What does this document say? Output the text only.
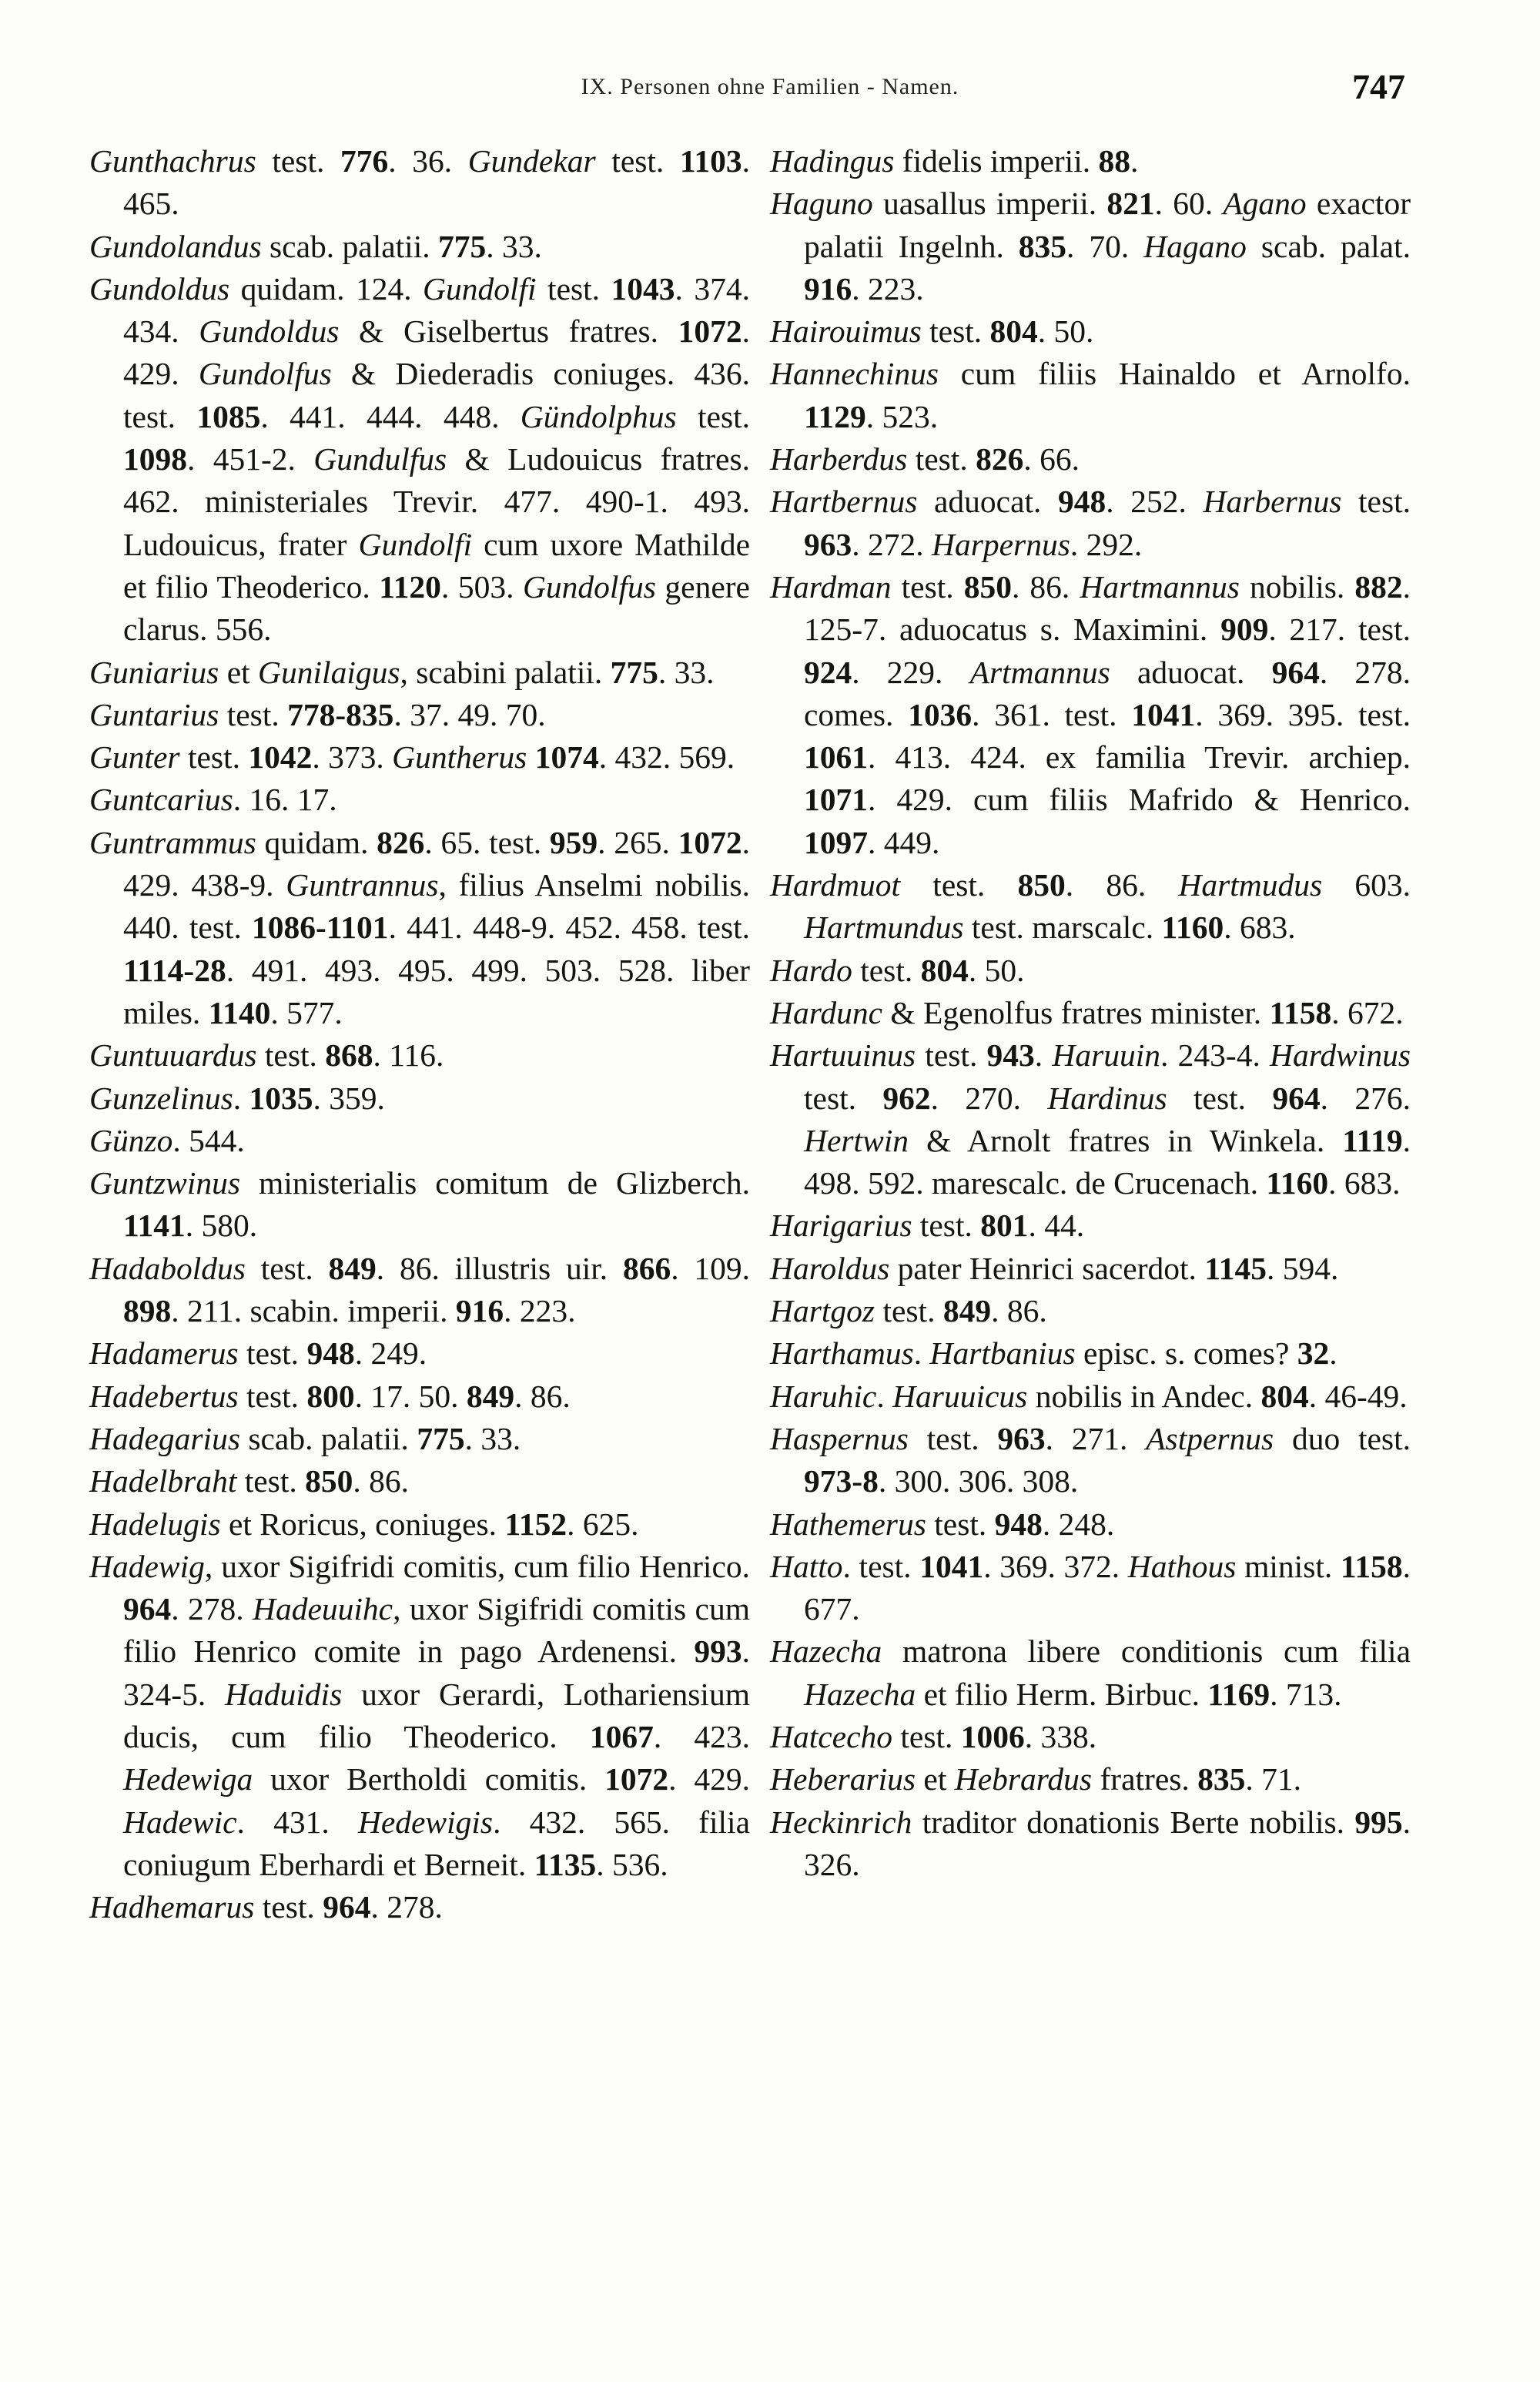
IX. Personen ohne Familien - Namen.	747

Gunthachrus test. 776. 36. Gundekar test. 1103. 465.

Gundolandus scab. palatii. 775. 33.

Gundoldus quidam. 124. Gundolfi test. 1043. 374. 434. Gundoldus & Giselbertus fratres. 1072. 429. Gundolfus & Diederadis coniuges. 436. test. 1085. 441. 444. 448. Gündolphus test. 1098. 451-2. Gundulfus & Ludouicus fratres. 462. ministeriales Trevir. 477. 490-1. 493. Ludouicus, frater Gundolfi cum uxore Mathilde et filio Theoderico. 1120. 503. Gundolfus genere clarus. 556.

Guniarius et Gunilaigus, scabini palatii. 775. 33.

Guntarius test. 778-835. 37. 49. 70.

Gunter test. 1042. 373. Guntherus 1074. 432. 569.

Guntcarius. 16. 17.

Guntrammus quidam. 826. 65. test. 959. 265. 1072. 429. 438-9. Guntrannus, filius Anselmi nobilis. 440. test. 1086-1101. 441. 448-9. 452. 458. test. 1114-28. 491. 493. 495. 499. 503. 528. liber miles. 1140. 577.

Guntuuardus test. 868. 116.

Gunzelinus. 1035. 359.

Günzo. 544.

Guntzwinus ministerialis comitum de Glizberch. 1141. 580.

Hadaboldus test. 849. 86. illustris uir. 866. 109. 898. 211. scabin. imperii. 916. 223.

Hadamerus test. 948. 249.

Hadebertus test. 800. 17. 50. 849. 86.

Hadegarius scab. palatii. 775. 33.

Hadelbraht test. 850. 86.

Hadelugis et Roricus, coniuges. 1152. 625.

Hadewig, uxor Sigifridi comitis, cum filio Henrico. 964. 278. Hadeuuihc, uxor Sigifridi comitis cum filio Henrico comite in pago Ardenensi. 993. 324-5. Haduidis uxor Gerardi, Lothariensium ducis, cum filio Theoderico. 1067. 423. Hedewiga uxor Bertholdi comitis. 1072. 429. Hadewic. 431. Hedewigis. 432. 565. filia coniugum Eberhardi et Berneit. 1135. 536.

Hadhemarus test. 964. 278.

Hadingus fidelis imperii. 88.

Haguno uasallus imperii. 821. 60. Agano exactor palatii Ingelnh. 835. 70. Hagano scab. palat. 916. 223.

Hairouimus test. 804. 50.

Hannechinus cum filiis Hainaldo et Arnolfo. 1129. 523.

Harberdus test. 826. 66.

Hartbernus aduocat. 948. 252. Harbernus test. 963. 272. Harpernus. 292.

Hardman test. 850. 86. Hartmannus nobilis. 882. 125-7. aduocatus s. Maximini. 909. 217. test. 924. 229. Artmannus aduocat. 964. 278. comes. 1036. 361. test. 1041. 369. 395. test. 1061. 413. 424. ex familia Trevir. archiep. 1071. 429. cum filiis Mafrido & Henrico. 1097. 449.

Hardmuot test. 850. 86. Hartmudus 603. Hartmundus test. marscalc. 1160. 683.

Hardo test. 804. 50.

Hardunc & Egenolfus fratres minister. 1158. 672.

Hartuuinus test. 943. Haruuin. 243-4. Hardwinus test. 962. 270. Hardinus test. 964. 276. Hertwin & Arnolt fratres in Winkela. 1119. 498. 592. marescalc. de Crucenach. 1160. 683.

Harigarius test. 801. 44.

Haroldus pater Heinrici sacerdot. 1145. 594.

Hartgoz test. 849. 86.

Harthamus. Hartbanius episc. s. comes? 32.

Haruhic. Haruuicus nobilis in Andec. 804. 46-49.

Haspernus test. 963. 271. Astpernus duo test. 973-8. 300. 306. 308.

Hathemerus test. 948. 248.

Hatto. test. 1041. 369. 372. Hathous minist. 1158. 677.

Hazecha matrona libere conditionis cum filia Hazecha et filio Herm. Birbuc. 1169. 713.

Hatcecho test. 1006. 338.

Heberarius et Hebrardus fratres. 835. 71.

Heckinrich traditor donationis Berte nobilis. 995. 326.
